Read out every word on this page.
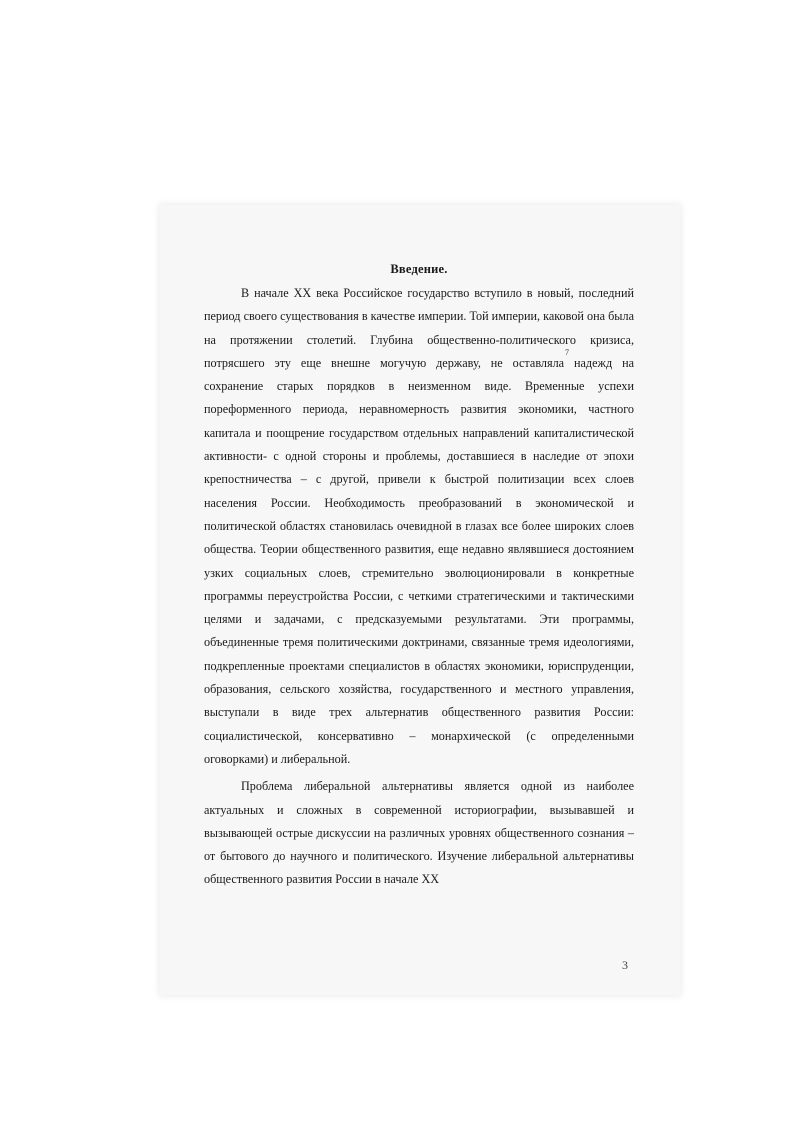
Введение.

В начале XX века Российское государство вступило в новый, последний период своего существования в качестве империи. Той империи, каковой она была на протяжении столетий. Глубина общественно-политического кризиса, потрясшего эту еще внешне могучую державу, не оставляла надежд на сохранение старых порядков в неизменном виде. Временные успехи пореформенного периода, неравномерность развития экономики, частного капитала и поощрение государством отдельных направлений капиталистической активности- с одной стороны и проблемы, доставшиеся в наследие от эпохи крепостничества – с другой, привели к быстрой политизации всех слоев населения России. Необходимость преобразований в экономической и политической областях становилась очевидной в глазах все более широких слоев общества. Теории общественного развития, еще недавно являвшиеся достоянием узких социальных слоев, стремительно эволюционировали в конкретные программы переустройства России, с четкими стратегическими и тактическими целями и задачами, с предсказуемыми результатами. Эти программы, объединенные тремя политическими доктринами, связанные тремя идеологиями, подкрепленные проектами специалистов в областях экономики, юриспруденции, образования, сельского хозяйства, государственного и местного управления, выступали в виде трех альтернатив общественного развития России: социалистической, консервативно – монархической (с определенными оговорками) и либеральной.

Проблема либеральной альтернативы является одной из наиболее актуальных и сложных в современной историографии, вызывавшей и вызывающей острые дискуссии на различных уровнях общественного сознания – от бытового до научного и политического. Изучение либеральной альтернативы общественного развития России в начале XX

7
3
